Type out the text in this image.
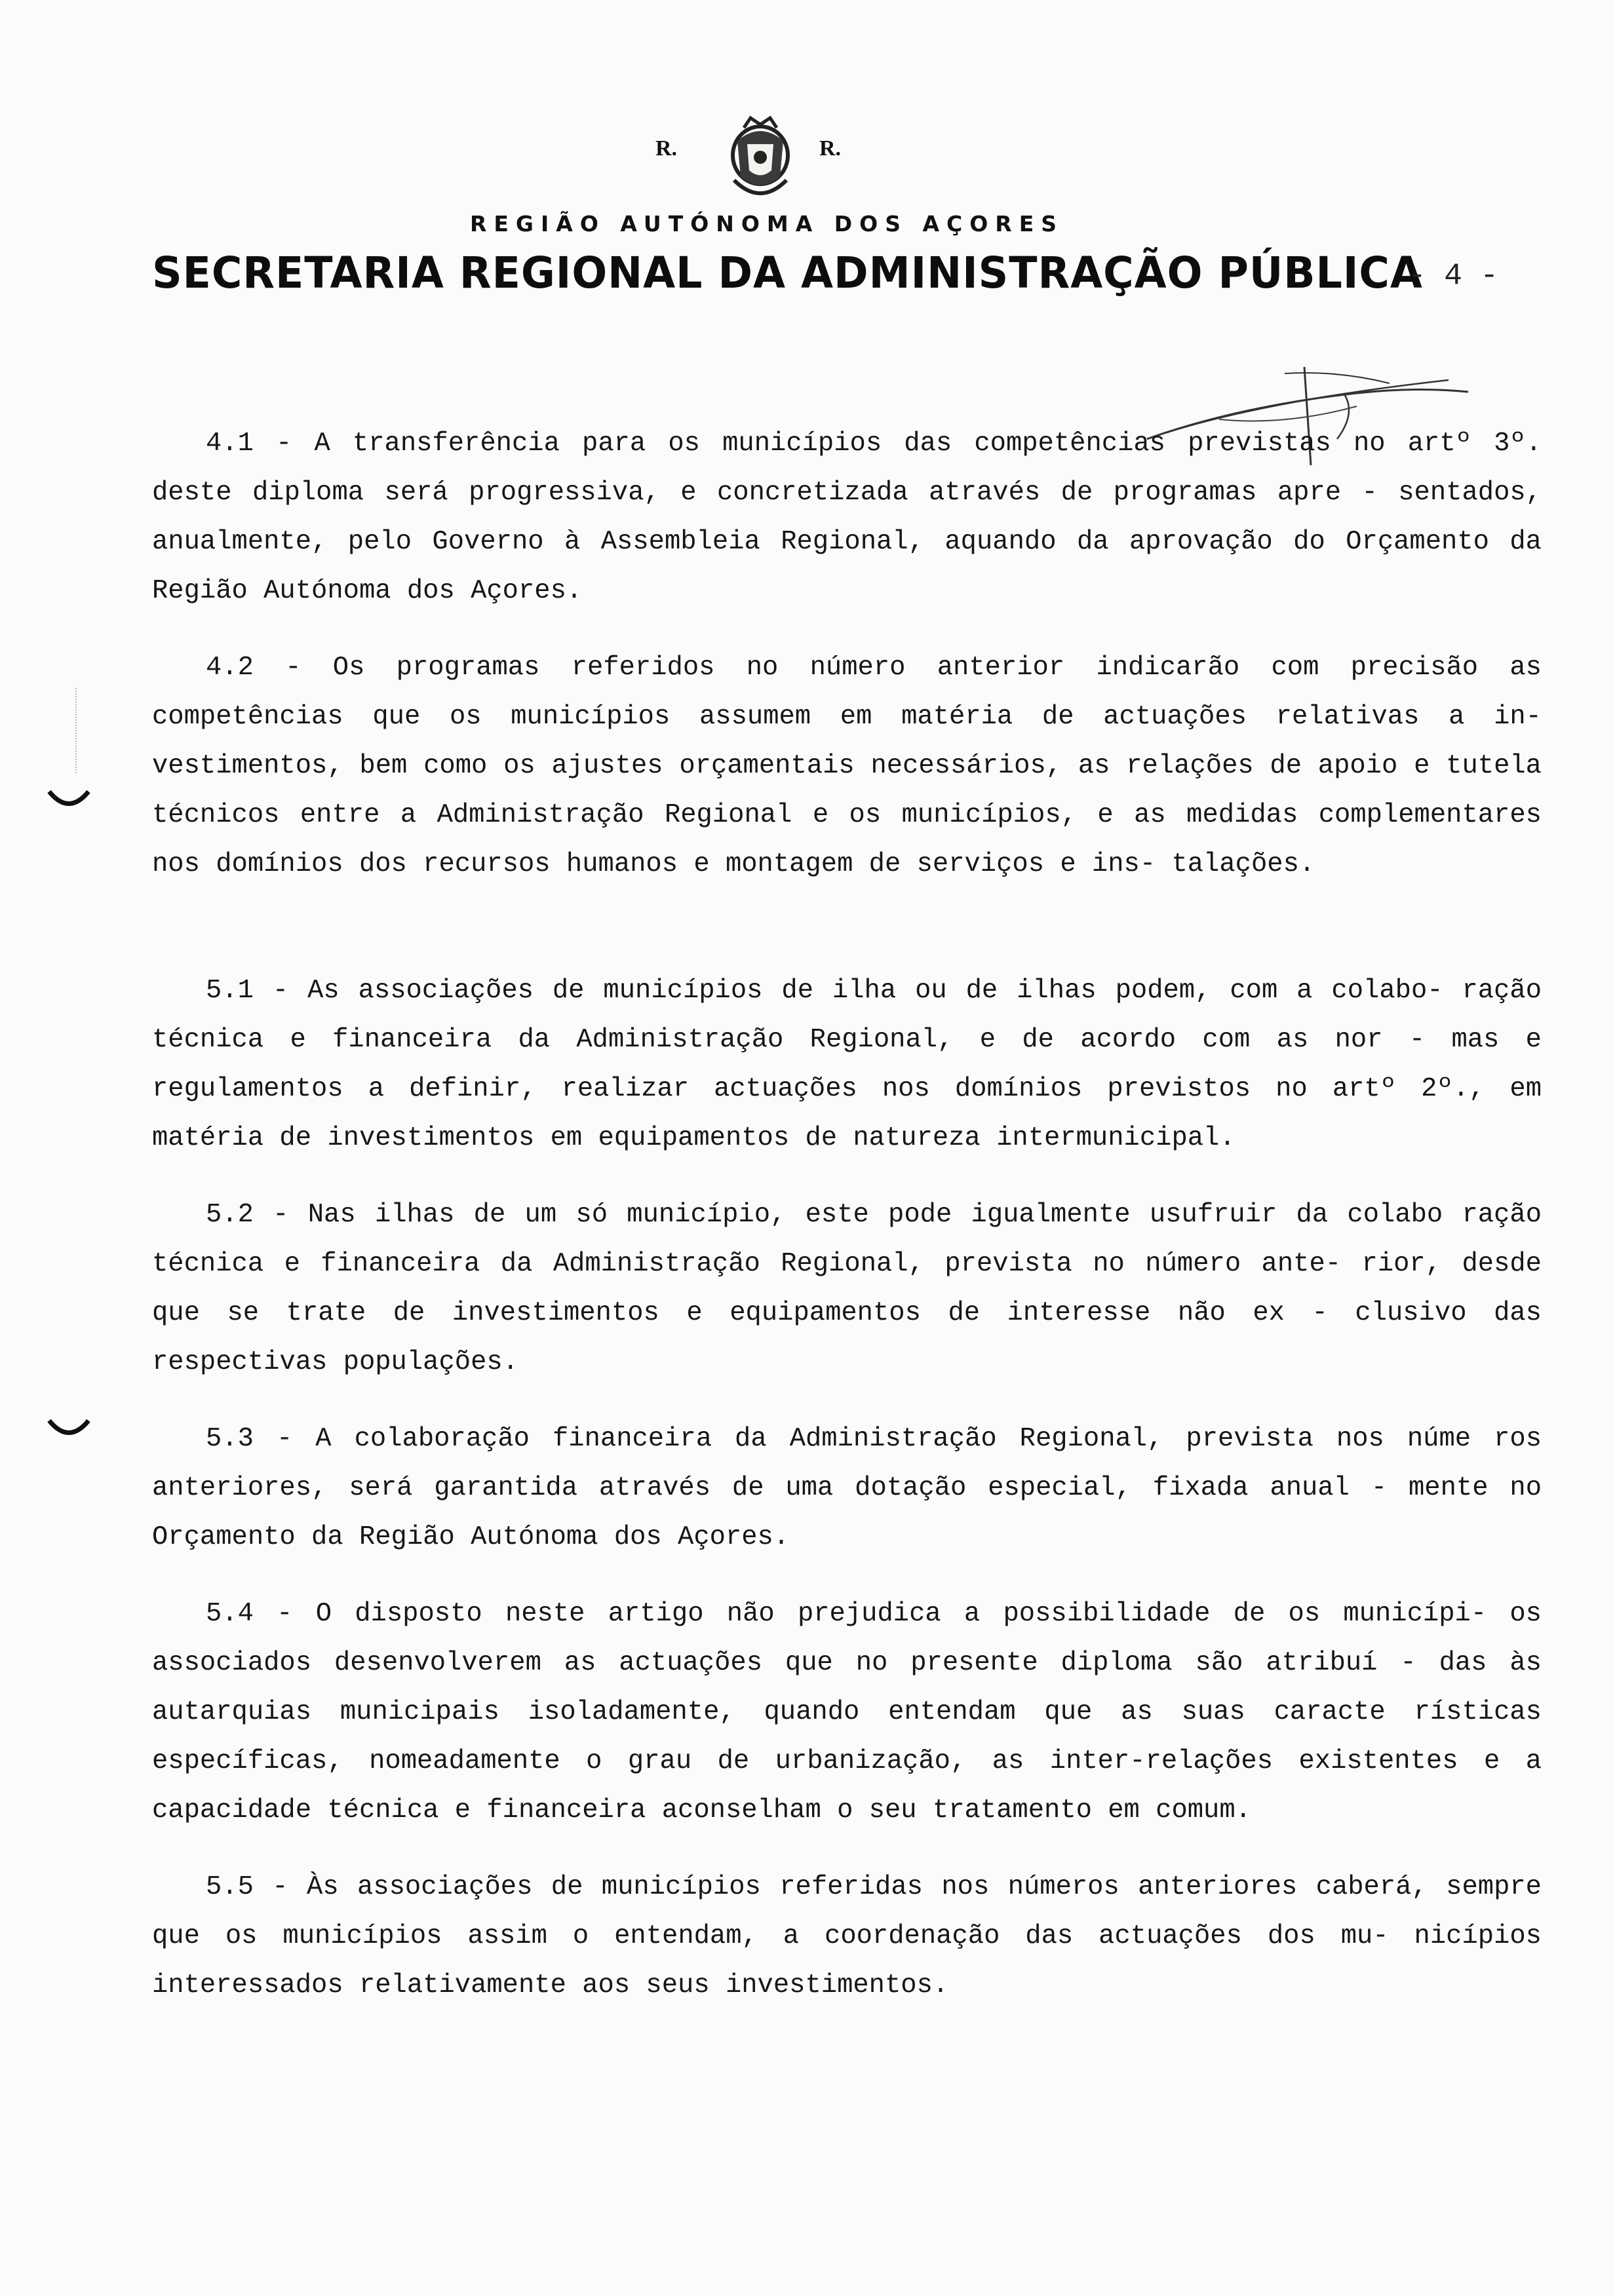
R.	R.
REGIÃO AUTÓNOMA DOS AÇORES
SECRETARIA REGIONAL DA ADMINISTRAÇÃO PÚBLICA
- 4 -

4.1 - A transferência para os municípios das competências previstas no artº 3º. deste diploma será progressiva, e concretizada através de programas apre - sentados, anualmente, pelo Governo à Assembleia Regional, aquando da aprovação do Orçamento da Região Autónoma dos Açores.

4.2 - Os programas referidos no número anterior indicarão com precisão as competências que os municípios assumem em matéria de actuações relativas a in- vestimentos, bem como os ajustes orçamentais necessários, as relações de apoio e tutela técnicos entre a Administração Regional e os municípios, e as medidas complementares nos domínios dos recursos humanos e montagem de serviços e ins- talações.

5.1 - As associações de municípios de ilha ou de ilhas podem, com a colabo- ração técnica e financeira da Administração Regional, e de acordo com as nor - mas e regulamentos a definir, realizar actuações nos domínios previstos no artº 2º., em matéria de investimentos em equipamentos de natureza intermunicipal.

5.2 - Nas ilhas de um só município, este pode igualmente usufruir da colabo ração técnica e financeira da Administração Regional, prevista no número ante- rior, desde que se trate de investimentos e equipamentos de interesse não ex - clusivo das respectivas populações.

5.3 - A colaboração financeira da Administração Regional, prevista nos núme ros anteriores, será garantida através de uma dotação especial, fixada anual - mente no Orçamento da Região Autónoma dos Açores.

5.4 - O disposto neste artigo não prejudica a possibilidade de os municípi- os associados desenvolverem as actuações que no presente diploma são atribuí - das às autarquias municipais isoladamente, quando entendam que as suas caracte rísticas específicas, nomeadamente o grau de urbanização, as inter-relações existentes e a capacidade técnica e financeira aconselham o seu tratamento em comum.

5.5 - Às associações de municípios referidas nos números anteriores caberá, sempre que os municípios assim o entendam, a coordenação das actuações dos mu- nicípios interessados relativamente aos seus investimentos.
